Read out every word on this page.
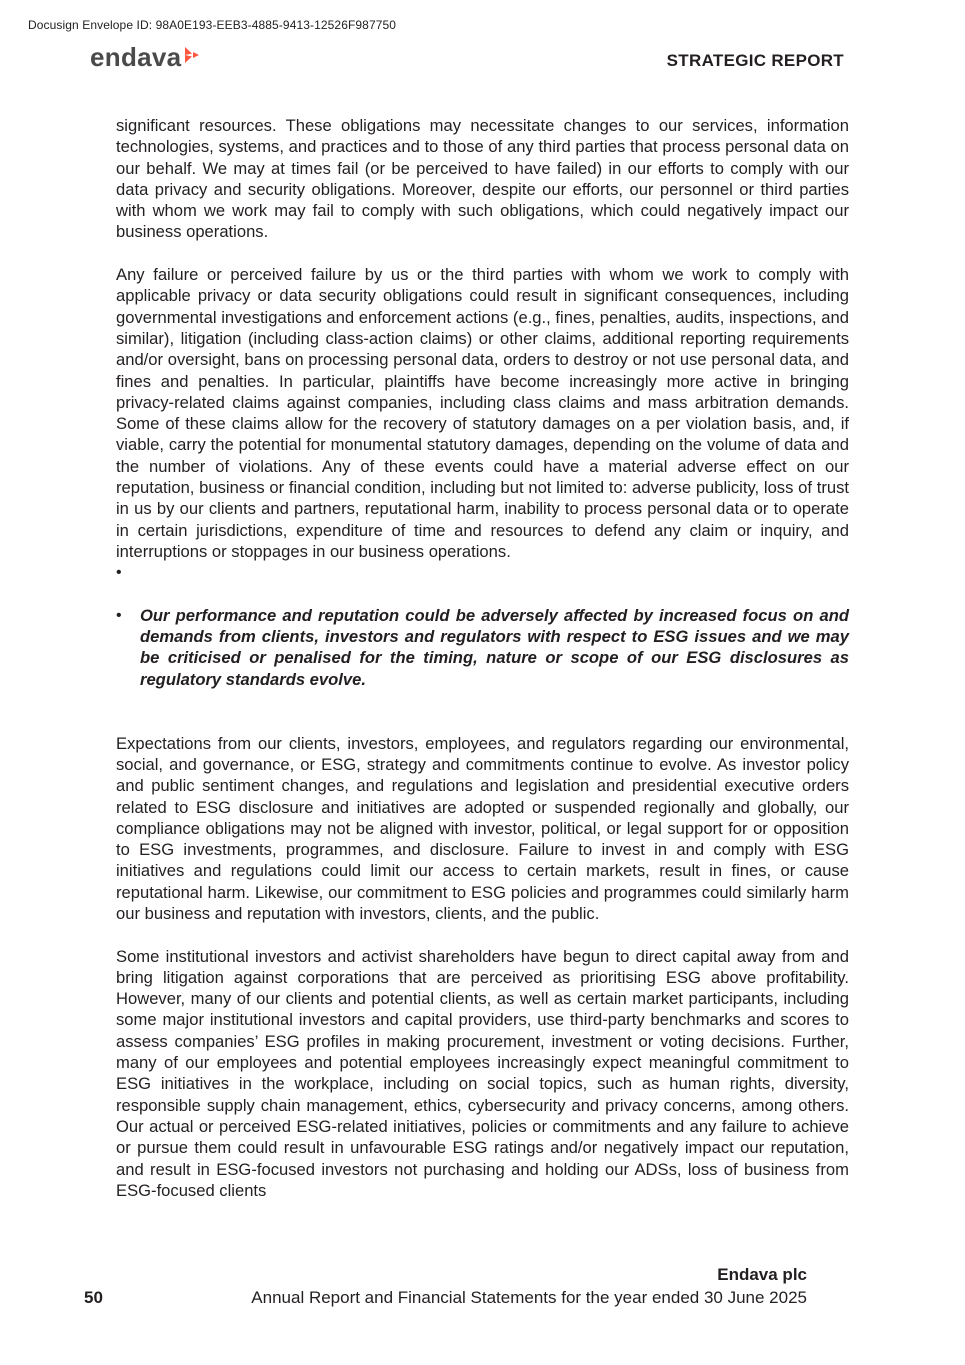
Docusign Envelope ID: 98A0E193-EEB3-4885-9413-12526F987750
endava	STRATEGIC REPORT

significant resources. These obligations may necessitate changes to our services, information technologies, systems, and practices and to those of any third parties that process personal data on our behalf. We may at times fail (or be perceived to have failed) in our efforts to comply with our data privacy and security obligations. Moreover, despite our efforts, our personnel or third parties with whom we work may fail to comply with such obligations, which could negatively impact our business operations.

Any failure or perceived failure by us or the third parties with whom we work to comply with applicable privacy or data security obligations could result in significant consequences, including governmental investigations and enforcement actions (e.g., fines, penalties, audits, inspections, and similar), litigation (including class-action claims) or other claims, additional reporting requirements and/or oversight, bans on processing personal data, orders to destroy or not use personal data, and fines and penalties. In particular, plaintiffs have become increasingly more active in bringing privacy-related claims against companies, including class claims and mass arbitration demands. Some of these claims allow for the recovery of statutory damages on a per violation basis, and, if viable, carry the potential for monumental statutory damages, depending on the volume of data and the number of violations. Any of these events could have a material adverse effect on our reputation, business or financial condition, including but not limited to: adverse publicity, loss of trust in us by our clients and partners, reputational harm, inability to process personal data or to operate in certain jurisdictions, expenditure of time and resources to defend any claim or inquiry, and interruptions or stoppages in our business operations.

•
•	Our performance and reputation could be adversely affected by increased focus on and demands from clients, investors and regulators with respect to ESG issues and we may be criticised or penalised for the timing, nature or scope of our ESG disclosures as regulatory standards evolve.

Expectations from our clients, investors, employees, and regulators regarding our environmental, social, and governance, or ESG, strategy and commitments continue to evolve. As investor policy and public sentiment changes, and regulations and legislation and presidential executive orders related to ESG disclosure and initiatives are adopted or suspended regionally and globally, our compliance obligations may not be aligned with investor, political, or legal support for or opposition to ESG investments, programmes, and disclosure. Failure to invest in and comply with ESG initiatives and regulations could limit our access to certain markets, result in fines, or cause reputational harm. Likewise, our commitment to ESG policies and programmes could similarly harm our business and reputation with investors, clients, and the public.

Some institutional investors and activist shareholders have begun to direct capital away from and bring litigation against corporations that are perceived as prioritising ESG above profitability. However, many of our clients and potential clients, as well as certain market participants, including some major institutional investors and capital providers, use third-party benchmarks and scores to assess companies’ ESG profiles in making procurement, investment or voting decisions. Further, many of our employees and potential employees increasingly expect meaningful commitment to ESG initiatives in the workplace, including on social topics, such as human rights, diversity, responsible supply chain management, ethics, cybersecurity and privacy concerns, among others. Our actual or perceived ESG-related initiatives, policies or commitments and any failure to achieve or pursue them could result in unfavourable ESG ratings and/or negatively impact our reputation, and result in ESG-focused investors not purchasing and holding our ADSs, loss of business from ESG-focused clients

Endava plc
50	Annual Report and Financial Statements for the year ended 30 June 2025
